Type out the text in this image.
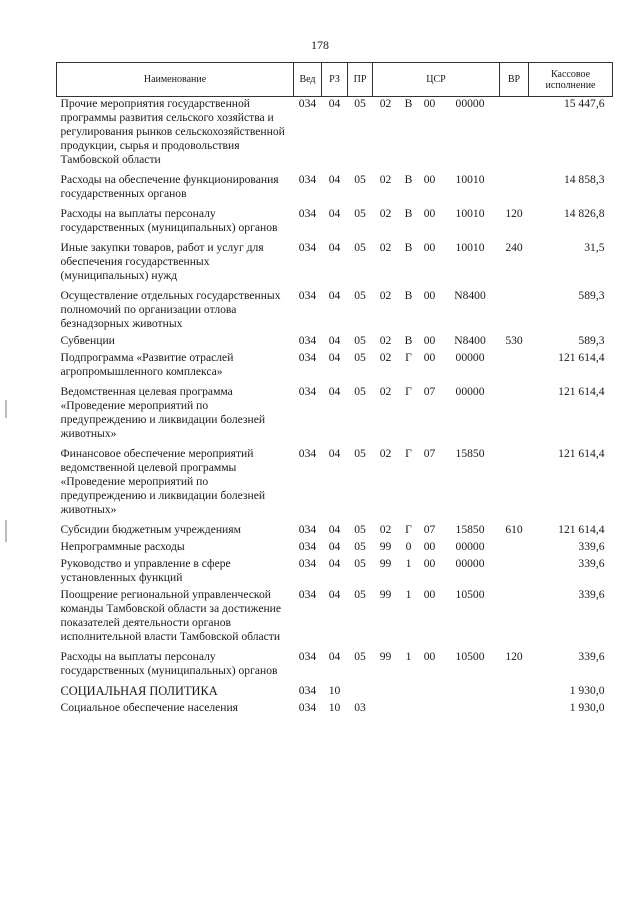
178
Наименование	Вед	РЗ	ПР	ЦСР				ВР	Кассовое исполнение
Прочие мероприятия государственной программы развития сельского хозяйства и регулирования рынков сельскохозяйственной продукции, сырья и продовольствия Тамбовской области	034	04	05	02	В	00	00000		15 447,6
Расходы на обеспечение функционирования государственных органов	034	04	05	02	В	00	10010		14 858,3
Расходы на выплаты персоналу государственных (муниципальных) органов	034	04	05	02	В	00	10010	120	14 826,8
Иные закупки товаров, работ и услуг для обеспечения государственных (муниципальных) нужд	034	04	05	02	В	00	10010	240	31,5
Осуществление отдельных государственных полномочий по организации отлова безнадзорных животных	034	04	05	02	В	00	N8400		589,3
Субвенции	034	04	05	02	В	00	N8400	530	589,3
Подпрограмма «Развитие отраслей агропромышленного комплекса»	034	04	05	02	Г	00	00000		121 614,4
Ведомственная целевая программа «Проведение мероприятий по предупреждению и ликвидации болезней животных»	034	04	05	02	Г	07	00000		121 614,4
Финансовое обеспечение мероприятий ведомственной целевой программы «Проведение мероприятий по предупреждению и ликвидации болезней животных»	034	04	05	02	Г	07	15850		121 614,4
Субсидии бюджетным учреждениям	034	04	05	02	Г	07	15850	610	121 614,4
Непрограммные расходы	034	04	05	99	0	00	00000		339,6
Руководство и управление в сфере установленных функций	034	04	05	99	1	00	00000		339,6
Поощрение региональной управленческой команды Тамбовской области за достижение показателей деятельности органов исполнительной власти Тамбовской области	034	04	05	99	1	00	10500		339,6
Расходы на выплаты персоналу государственных (муниципальных) органов	034	04	05	99	1	00	10500	120	339,6
СОЦИАЛЬНАЯ ПОЛИТИКА	034	10							1 930,0
Социальное обеспечение населения	034	10	03						1 930,0
